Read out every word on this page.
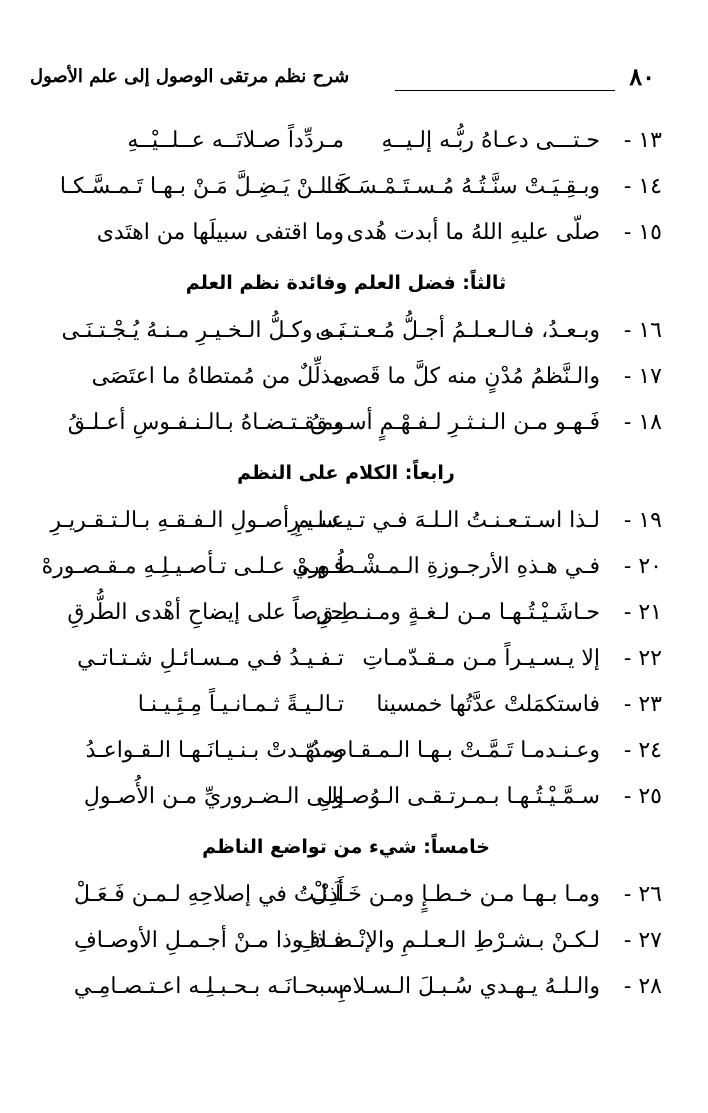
٨٠
شرح نظم مرتقى الوصول إلى علم الأصول
١٣ -
حـتـــى دعـاهُ ربُّـه إلـيــهِ
مـردِّداً صـلاتَــه عــلــيْــهِ
١٤ -
وبـقِـيَـتْ سنَّـتُـهُ مُـسـتَـمْـسَـكَـا
فـلـنْ يَـضِـلَّ مَـنْ بـهـا تَـمـسَّـكـا
١٥ -
صلّى عليهِ اللهُ ما أبدت هُدى
وما اقتفى سبيلَها من اهتَدى
ثالثاً: فضل العلم وفائدة نظم العلم
١٦ -
وبـعـدُ، فـالـعـلـمُ أجـلُّ مُـعـتـنَـى
بـه وكـلُّ الـخـيـرِ مـنـهُ يُـجْـتـنَـى
١٧ -
والـنَّظمُ مُدْنٍ منه كلَّ ما قَصى
مذلِّلٌ من مُمتطاهُ ما اعتَصَى
١٨ -
فَـهـو مـن الـنـثـرِ لـفـهْـمٍ أسـبـقُ
ومـقـتـضـاهُ بـالـنـفـوسِ أعـلـقُ
رابعاً: الكلام على النظم
١٩ -
لـذا اسـتـعـنـتُ الـلـهَ فـي تـيـسـيـرِ
عـلـمِ أصـولِ الـفـقـهِ بـالـتـقـريـرِ
٢٠ -
فـي هـذهِ الأرجـوزةِ الـمـشْـطُـورهْ
فـهـي عـلـى تـأصـيـلِـهِ مـقـصـورهْ
٢١ -
حـاشَـيْـتُـهـا مـن لـغـةٍ ومـنـطِـقِ
حرصاً على إيضاحِ أهْدى الطُّرقِ
٢٢ -
إلا يـسـيـراً مـن مـقـدّمـاتِ
تـفـيـدُ فـي مـسـائـلِ شـتـاتـي
٢٣ -
فاستكمَلتْ عدَّتُها خمسينا
تـالـيـةً ثـمـانـيـاً مِـئِـيـنـا
٢٤ -
وعـنـدمـا تَـمَّـتْ بـهـا الـمـقـاصـدُ
ومـهّـدتْ بـنـيـانَـهـا الـقـواعـدُ
٢٥ -
سـمَّـيْـتُـهـا بـمـرتـقـى الـوُصـولِ
إلـى الـضـروريِّ مـن الأُصـولِ
خامساً: شيء من تواضع الناظم
٢٦ -
ومـا بـهـا مـن خـطـإٍ ومـن خَـلَـلْ
أَذِنْـتُ في إصلاحِهِ لـمـن فَـعَـلْ
٢٧ -
لـكـنْ بـشـرْطِ الـعـلـمِ والإنْـصـافِ
فـذا وذا مـنْ أجـمـلِ الأوصـافِ
٢٨ -
والـلـهُ يـهـدي سُـبـلَ الـسـلامِ
سبحـانَـه بـحـبـلِـه اعـتـصـامِـي
